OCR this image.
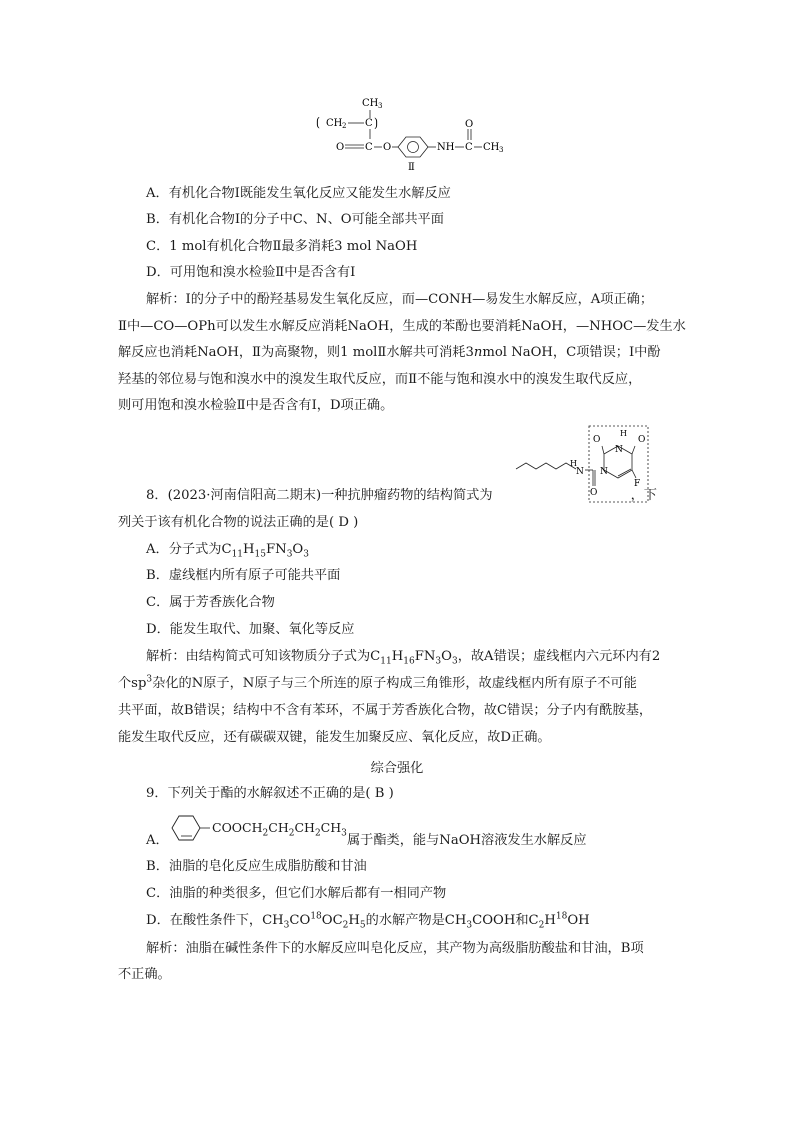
CH 3
⟮ CH 2 C ⟯
O C O	NH C
O
CH 3
Ⅱ
A．有机化合物Ⅰ既能发生氧化反应又能发生水解反应
B．有机化合物Ⅰ的分子中C、N、O可能全部共平面
C．1 mol有机化合物Ⅱ最多消耗3 mol NaOH
D．可用饱和溴水检验Ⅱ中是否含有Ⅰ
解析：Ⅰ的分子中的酚羟基易发生氧化反应，而—CONH—易发生水解反应，A项正确；
Ⅱ中—CO—OPh可以发生水解反应消耗NaOH，生成的苯酚也要消耗NaOH，—NHOC—发生水
解反应也消耗NaOH，Ⅱ为高聚物，则1 molⅡ水解共可消耗3nmol NaOH，C项错误；Ⅰ中酚
羟基的邻位易与饱和溴水中的溴发生取代反应，而Ⅱ不能与饱和溴水中的溴发生取代反应，
则可用饱和溴水检验Ⅱ中是否含有Ⅰ，D项正确。
H
N
O
O
H
O
N
N
F
8．(2023·河南信阳高二期末)一种抗肿瘤药物的结构简式为	，下
列关于该有机化合物的说法正确的是( D )
A．分子式为$C_{11}H_{15}FN_3O_3$
B．虚线框内所有原子可能共平面
C．属于芳香族化合物
D．能发生取代、加聚、氧化等反应
解析：由结构简式可知该物质分子式为$C_{11}H_{16}FN_3O_3$，故A错误；虚线框内六元环内有2
个$sp^3$杂化的N原子，N原子与三个所连的原子构成三角锥形，故虚线框内所有原子不可能
共平面，故B错误；结构中不含有苯环，不属于芳香族化合物，故C错误；分子内有酰胺基，
能发生取代反应，还有碳碳双键，能发生加聚反应、氧化反应，故D正确。
综合强化
9．下列关于酯的水解叙述不正确的是( B )
A．
$COOCH_2CH_2CH_2CH_3$ 属于酯类，能与NaOH溶液发生水解反应
B．油脂的皂化反应生成脂肪酸和甘油
C．油脂的种类很多，但它们水解后都有一相同产物
D．在酸性条件下，$CH_3CO^{18}OC_2H_5$的水解产物是$CH_3COOH$和$C_2H^{18}OH$
解析：油脂在碱性条件下的水解反应叫皂化反应，其产物为高级脂肪酸盐和甘油，B项
不正确。
